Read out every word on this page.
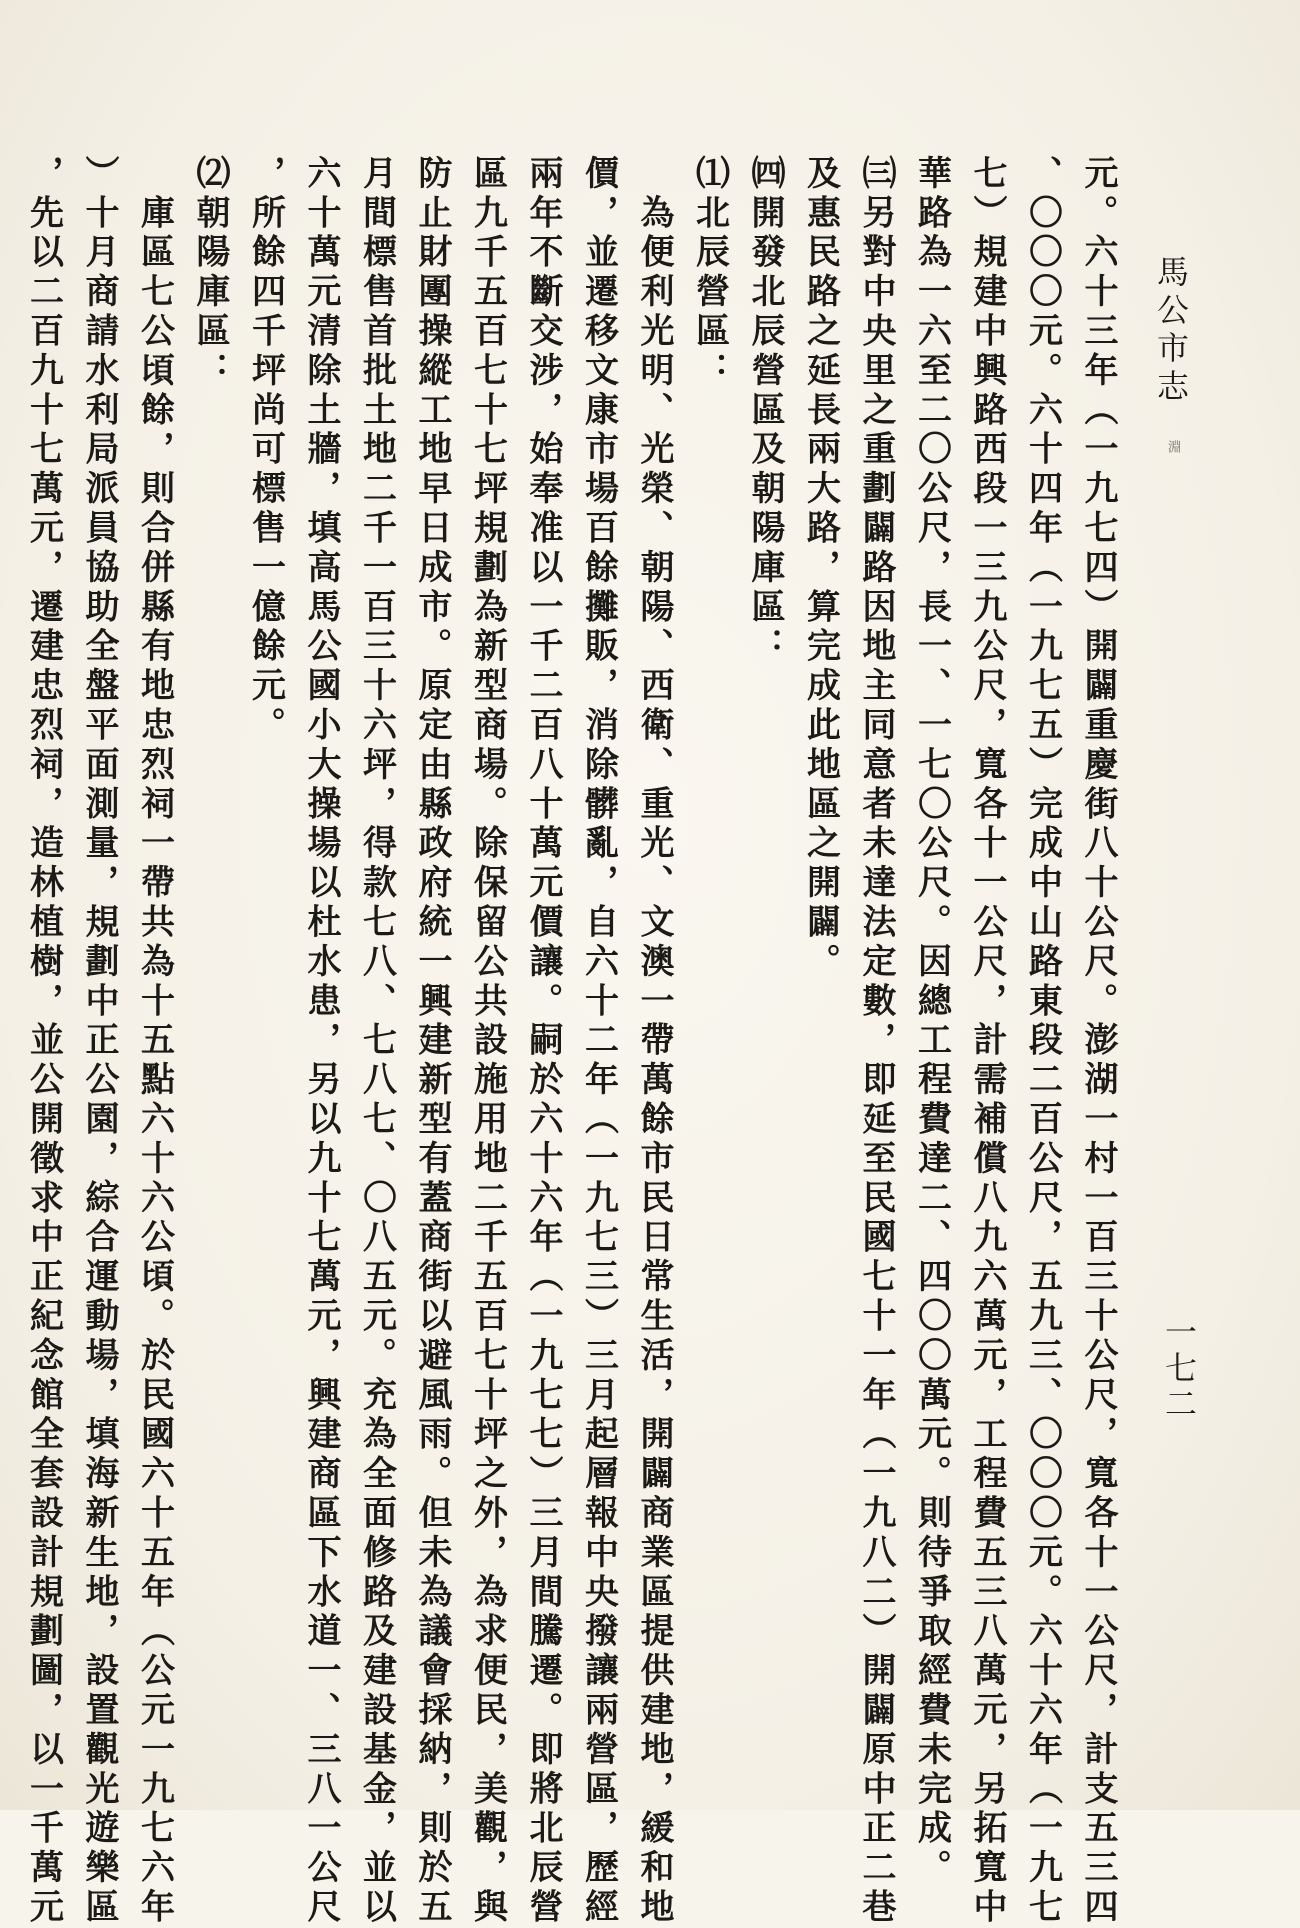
馬公市志
淵
一七二
元。六十三年︵一九七四︶開闢重慶街八十公尺。澎湖一村一百三十公尺，寬各十一公尺，計支五三四
、〇〇〇元。六十四年︵一九七五︶完成中山路東段二百公尺，五九三、〇〇〇元。六十六年︵一九七
七︶規建中興路西段一三九公尺，寬各十一公尺，計需補償八九六萬元，工程費五三八萬元，另拓寬中
華路為一六至二〇公尺，長一、一七〇公尺。因總工程費達二、四〇〇萬元。則待爭取經費未完成。
㈢另對中央里之重劃闢路因地主同意者未達法定數，即延至民國七十一年︵一九八二︶開闢原中正二巷
及惠民路之延長兩大路，算完成此地區之開闢。
㈣開發北辰營區及朝陽庫區：
⑴北辰營區：
　為便利光明、光榮、朝陽、西衛、重光、文澳一帶萬餘市民日常生活，開闢商業區提供建地，緩和地
價，並遷移文康市場百餘攤販，消除髒亂，自六十二年︵一九七三︶三月起層報中央撥讓兩營區，歷經
兩年不斷交涉，始奉准以一千二百八十萬元價讓。嗣於六十六年︵一九七七︶三月間騰遷。即將北辰營
區九千五百七十七坪規劃為新型商場。除保留公共設施用地二千五百七十坪之外，為求便民，美觀，與
防止財團操縱工地早日成市。原定由縣政府統一興建新型有蓋商街以避風雨。但未為議會採納，則於五
月間標售首批土地二千一百三十六坪，得款七八、七八七、〇八五元。充為全面修路及建設基金，並以
六十萬元清除土牆，填高馬公國小大操場以杜水患，另以九十七萬元，興建商區下水道一、三八一公尺
，所餘四千坪尚可標售一億餘元。
⑵朝陽庫區：
　庫區七公頃餘，則合併縣有地忠烈祠一帶共為十五點六十六公頃。於民國六十五年︵公元一九七六年
︶十月商請水利局派員協助全盤平面測量，規劃中正公園，綜合運動場，填海新生地，設置觀光遊樂區
，先以二百九十七萬元，遷建忠烈祠，造林植樹，並公開徵求中正紀念館全套設計規劃圖，以一千萬元
